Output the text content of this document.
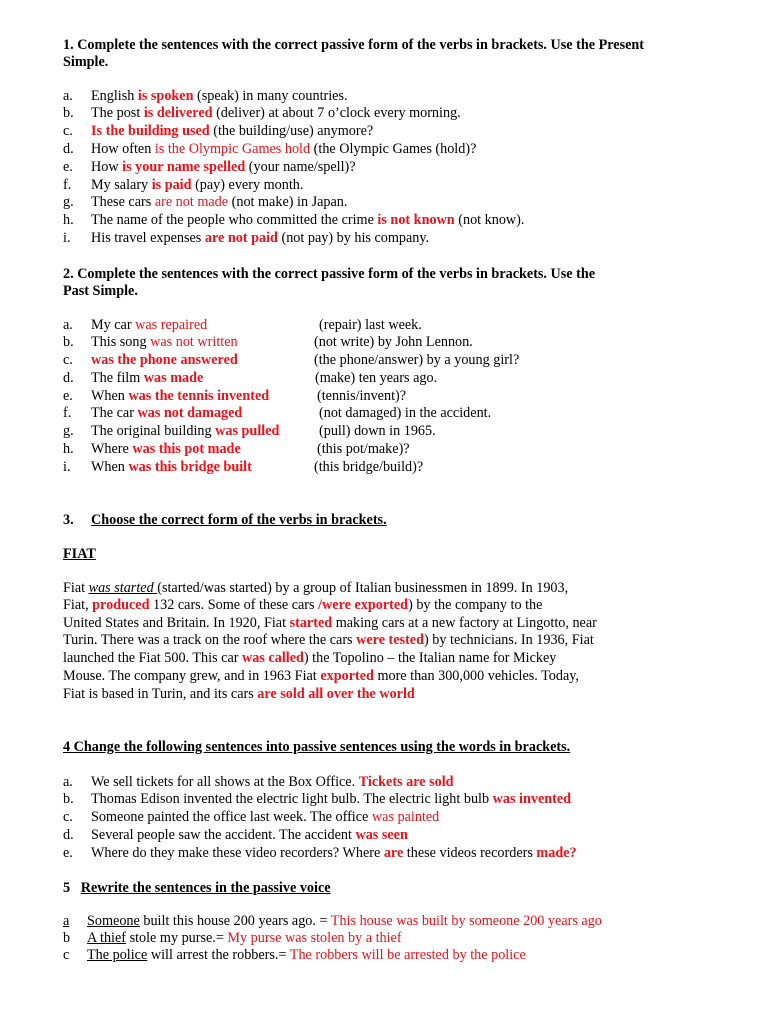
1. Complete the sentences with the correct passive form of the verbs in brackets. Use the Present
Simple.
2. Complete the sentences with the correct passive form of the verbs in brackets. Use the
Past Simple.
3. Choose the correct form of the verbs in brackets.
FIAT
4 Change the following sentences into passive sentences using the words in brackets.
5 Rewrite the sentences in the passive voice
a. English is spoken (speak) in many countries.
b. The post is delivered (deliver) at about 7 o’clock every morning.
c. Is the building used (the building/use) anymore?
d. How often is the Olympic Games hold (the Olympic Games (hold)?
e. How is your name spelled (your name/spell)?
f. My salary is paid (pay) every month.
g. These cars are not made (not make) in Japan.
h. The name of the people who committed the crime is not known (not know).
i. His travel expenses are not paid (not pay) by his company.
a. My car was repaired	(repair) last week.
b. This song was not written	(not write) by John Lennon.
c. was the phone answered	(the phone/answer) by a young girl?
d. The film was made	(make) ten years ago.
e. When was the tennis invented	(tennis/invent)?
f. The car was not damaged	(not damaged) in the accident.
g. The original building was pulled	(pull) down in 1965.
h. Where was this pot made	(this pot/make)?
i. When was this bridge built	(this bridge/build)?
Fiat was started (started/was started) by a group of Italian businessmen in 1899. In 1903,
Fiat, produced 132 cars. Some of these cars /were exported) by the company to the
United States and Britain. In 1920, Fiat started making cars at a new factory at Lingotto, near
Turin. There was a track on the roof where the cars were tested) by technicians. In 1936, Fiat
launched the Fiat 500. This car was called) the Topolino – the Italian name for Mickey
Mouse. The company grew, and in 1963 Fiat exported more than 300,000 vehicles. Today,
Fiat is based in Turin, and its cars are sold all over the world
a. We sell tickets for all shows at the Box Office. Tickets are sold
b. Thomas Edison invented the electric light bulb. The electric light bulb was invented
c. Someone painted the office last week. The office was painted
d. Several people saw the accident. The accident was seen
e. Where do they make these video recorders? Where are these videos recorders made?
a Someone built this house 200 years ago. = This house was built by someone 200 years ago
b A thief stole my purse.= My purse was stolen by a thief
c The police will arrest the robbers.= The robbers will be arrested by the police
